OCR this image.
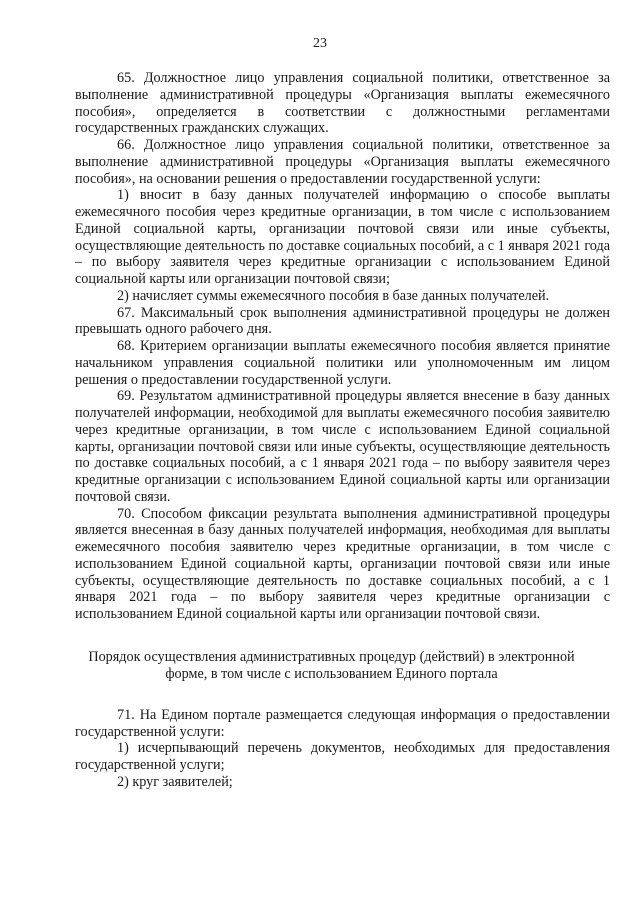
23

65. Должностное лицо управления социальной политики, ответственное за выполнение административной процедуры «Организация выплаты ежемесячного пособия», определяется в соответствии с должностными регламентами государственных гражданских служащих.

66. Должностное лицо управления социальной политики, ответственное за выполнение административной процедуры «Организация выплаты ежемесячного пособия», на основании решения о предоставлении государственной услуги:

1) вносит в базу данных получателей информацию о способе выплаты ежемесячного пособия через кредитные организации, в том числе с использованием Единой социальной карты, организации почтовой связи или иные субъекты, осуществляющие деятельность по доставке социальных пособий, а с 1 января 2021 года – по выбору заявителя через кредитные организации с использованием Единой социальной карты или организации почтовой связи;

2) начисляет суммы ежемесячного пособия в базе данных получателей.

67. Максимальный срок выполнения административной процедуры не должен превышать одного рабочего дня.

68. Критерием организации выплаты ежемесячного пособия является принятие начальником управления социальной политики или уполномоченным им лицом решения о предоставлении государственной услуги.

69. Результатом административной процедуры является внесение в базу данных получателей информации, необходимой для выплаты ежемесячного пособия заявителю через кредитные организации, в том числе с использованием Единой социальной карты, организации почтовой связи или иные субъекты, осуществляющие деятельность по доставке социальных пособий, а с 1 января 2021 года – по выбору заявителя через кредитные организации с использованием Единой социальной карты или организации почтовой связи.

70. Способом фиксации результата выполнения административной процедуры является внесенная в базу данных получателей информация, необходимая для выплаты ежемесячного пособия заявителю через кредитные организации, в том числе с использованием Единой социальной карты, организации почтовой связи или иные субъекты, осуществляющие деятельность по доставке социальных пособий, а с 1 января 2021 года – по выбору заявителя через кредитные организации с использованием Единой социальной карты или организации почтовой связи.

Порядок осуществления административных процедур (действий) в электронной форме, в том числе с использованием Единого портала

71. На Едином портале размещается следующая информация о предоставлении государственной услуги:

1) исчерпывающий перечень документов, необходимых для предоставления государственной услуги;

2) круг заявителей;
